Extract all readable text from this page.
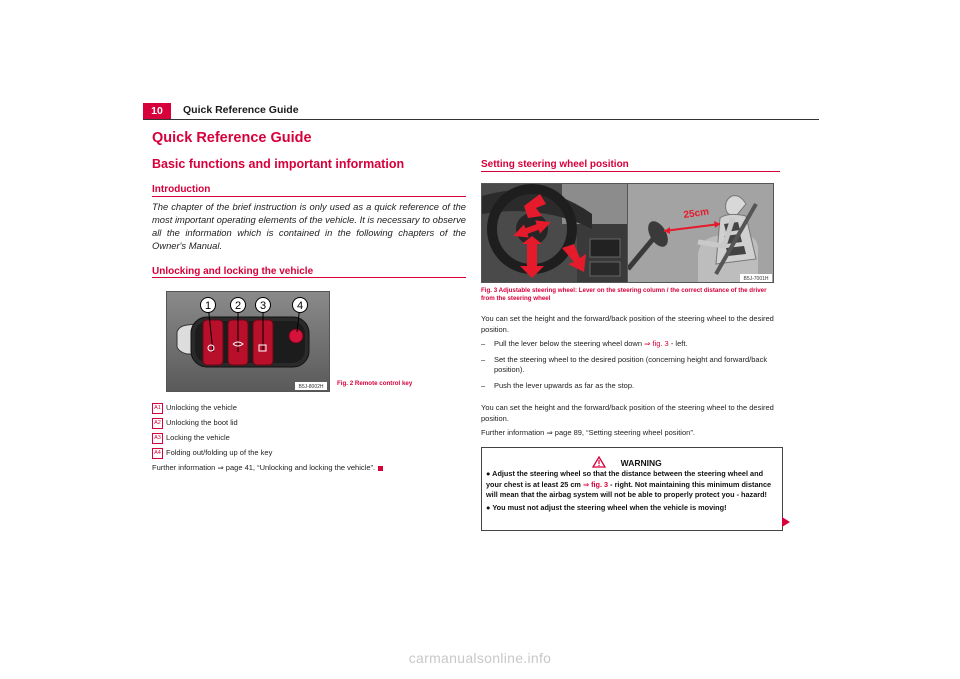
10	Quick Reference Guide
Quick Reference Guide
Basic functions and important information
Introduction
The chapter of the brief instruction is only used as a quick reference of the most important operating elements of the vehicle. It is necessary to observe all the information which is contained in the following chapters of the Owner's Manual.
Unlocking and locking the vehicle
1 2 3	4
B5J-8002H Fig. 2 Remote control key
A1 Unlocking the vehicle
A2 Unlocking the boot lid
A3 Locking the vehicle
A4 Folding out/folding up of the key
Further information ⇒ page 41, “Unlocking and locking the vehicle”.
Setting steering wheel position
25cm
B5J-7001H
Fig. 3 Adjustable steering wheel: Lever on the steering column / the correct distance of the driver from the steering wheel
You can set the height and the forward/back position of the steering wheel to the desired position.
–	Pull the lever below the steering wheel down ⇒ fig. 3 - left.
–	Set the steering wheel to the desired position (concerning height and forward/back position).
–	Push the lever upwards as far as the stop.
You can set the height and the forward/back position of the steering wheel to the desired position.
Further information ⇒ page 89, “Setting steering wheel position”.
WARNING
● Adjust the steering wheel so that the distance between the steering wheel and your chest is at least 25 cm ⇒ fig. 3 - right. Not maintaining this minimum distance will mean that the airbag system will not be able to properly protect you - hazard!
● You must not adjust the steering wheel when the vehicle is moving!
carmanualsonline.info
